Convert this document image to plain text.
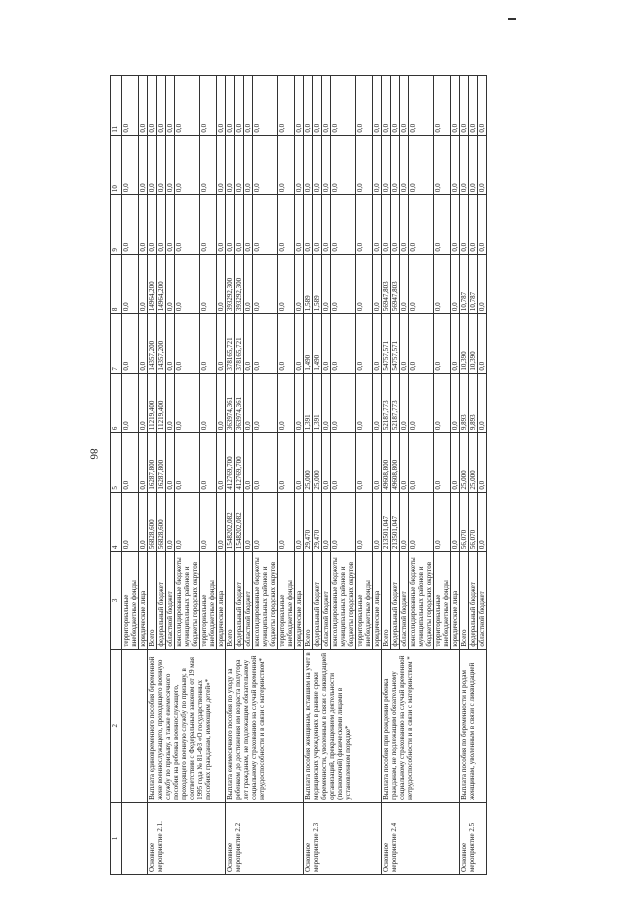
86
1	2	3	4	5	6	7	8	9	10	11
		территориальные внебюджетные фонды	0,0	0,0	0,0	0,0	0,0	0,0	0,0	0,0
		юридические лица	0,0	0,0	0,0	0,0	0,0	0,0	0,0	0,0
Основное мероприятие 2.1.	Выплата единовременного пособия беременной жене военнослужащего, проходящего военную службу по призыву, а также ежемесячного пособия на ребенка военнослужащего, проходящего военную службу по призыву, в соответствии с Федеральным законом от 19 мая 1995 года № 81-ФЗ «О государственных пособиях гражданам, имеющим детей»*	Всего	56828,600	16287,800	11219,400	14357,200	14964,200	0,0	0,0	0,0
		федеральный бюджет	56828,600	16287,800	11219,400	14357,200	14964,200	0,0	0,0	0,0
		областной бюджет	0,0	0,0	0,0	0,0	0,0	0,0	0,0	0,0
		консолидированные бюджеты муниципальных районов и бюджеты городских округов	0,0	0,0	0,0	0,0	0,0	0,0	0,0	0,0
		территориальные внебюджетные фонды	0,0	0,0	0,0	0,0	0,0	0,0	0,0	0,0
		юридические лица	0,0	0,0	0,0	0,0	0,0	0,0	0,0	0,0
Основное мероприятие 2.2	Выплата ежемесячного пособия по уходу за ребенком до достижения им возраста полутора лет гражданам, не подлежащим обязательному социальному страхованию на случай временной нетрудоспособности и в связи с материнством*	Всего	1548202,082	412769,700	363974,361	378165,721	393292,300	0,0	0,0	0,0
		федеральный бюджет	1548202,082	412769,700	363974,361	378165,721	393292,300	0,0	0,0	0,0
		областной бюджет	0,0	0,0	0,0	0,0	0,0	0,0	0,0	0,0
		консолидированные бюджеты муниципальных районов и бюджеты городских округов	0,0	0,0	0,0	0,0	0,0	0,0	0,0	0,0
		территориальные внебюджетные фонды	0,0	0,0	0,0	0,0	0,0	0,0	0,0	0,0
		юридические лица	0,0	0,0	0,0	0,0	0,0	0,0	0,0	0,0
Основное мероприятие 2.3	Выплата пособия женщинам, вставшим на учет в медицинских учреждениях в ранние сроки беременности, уволенным в связи с ликвидацией организаций, прекращением деятельности (полномочий) физическими лицами в установленном порядке*	Всего	29,470	25,000	1,391	1,490	1,589	0,0	0,0	0,0
		федеральный бюджет	29,470	25,000	1,391	1,490	1,589	0,0	0,0	0,0
		областной бюджет	0,0	0,0	0,0	0,0	0,0	0,0	0,0	0,0
		консолидированные бюджеты муниципальных районов и бюджеты городских округов	0,0	0,0	0,0	0,0	0,0	0,0	0,0	0,0
		территориальные внебюджетные фонды	0,0	0,0	0,0	0,0	0,0	0,0	0,0	0,0
		юридические лица	0,0	0,0	0,0	0,0	0,0	0,0	0,0	0,0
Основное мероприятие 2.4	Выплата пособия при рождении ребенка гражданам, не подлежащим обязательному социальному страхованию на случай временной нетрудоспособности и в связи с материнством *	Всего	213501,047	49608,800	52187,773	54757,571	56947,803	0,0	0,0	0,0
		федеральный бюджет	213501,047	49608,800	52187,773	54757,571	56947,803	0,0	0,0	0,0
		областной бюджет	0,0	0,0	0,0	0,0	0,0	0,0	0,0	0,0
		консолидированные бюджеты муниципальных районов и бюджеты городских округов	0,0	0,0	0,0	0,0	0,0	0,0	0,0	0,0
		территориальные внебюджетные фонды	0,0	0,0	0,0	0,0	0,0	0,0	0,0	0,0
		юридические лица	0,0	0,0	0,0	0,0	0,0	0,0	0,0	0,0
Основное мероприятие 2.5	Выплата пособия по беременности и родам женщинам, уволенным в связи с ликвидацией	Всего	56,070	25,000	9,893	10,390	10,787	0,0	0,0	0,0
		федеральный бюджет	56,070	25,000	9,893	10,390	10,787	0,0	0,0	0,0
		областной бюджет	0,0	0,0	0,0	0,0	0,0	0,0	0,0	0,0
